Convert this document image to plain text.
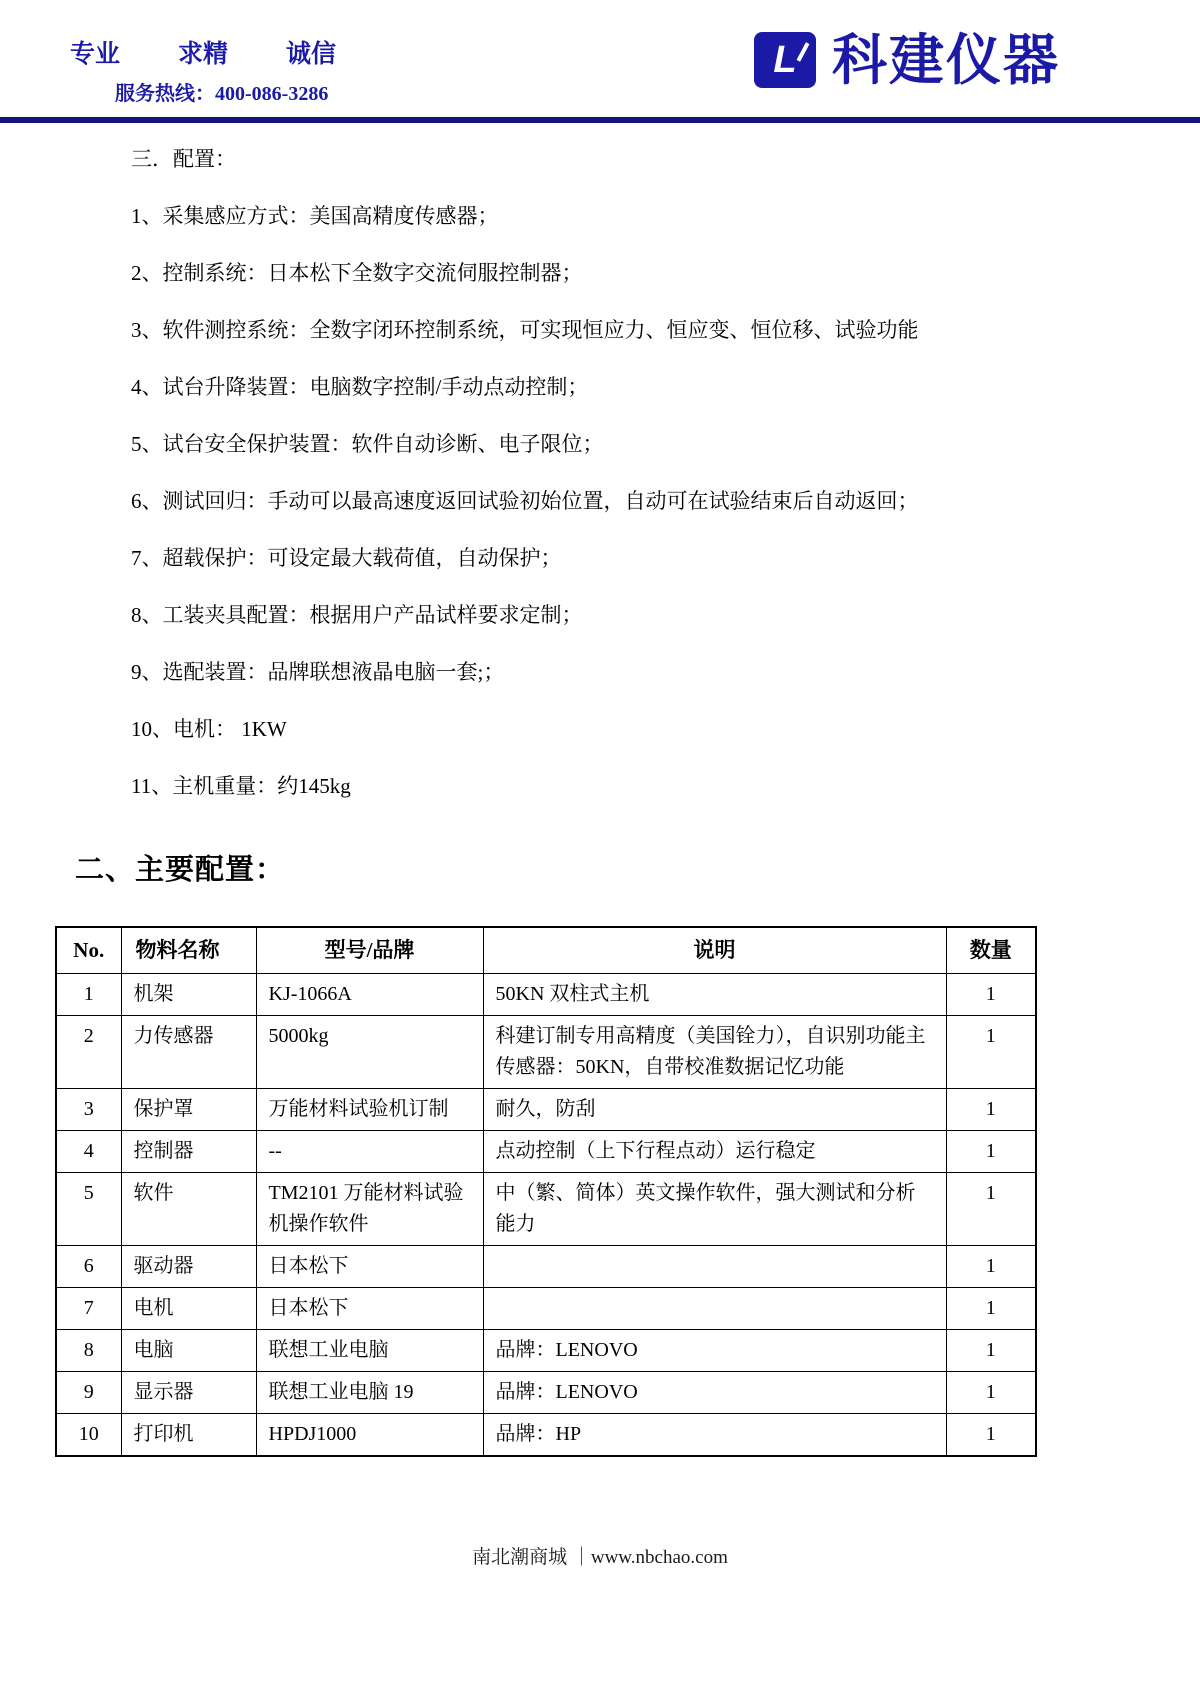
专业 求精 诚信
服务热线：400-086-3286
L 科建仪器

三．配置：

1、采集感应方式：美国高精度传感器；

2、控制系统：日本松下全数字交流伺服控制器；

3、软件测控系统：全数字闭环控制系统，可实现恒应力、恒应变、恒位移、试验功能

4、试台升降装置：电脑数字控制/手动点动控制；

5、试台安全保护装置：软件自动诊断、电子限位；

6、测试回归：手动可以最高速度返回试验初始位置，自动可在试验结束后自动返回；

7、超载保护：可设定最大载荷值，自动保护；

8、工装夹具配置：根据用户产品试样要求定制；

9、选配装置：品牌联想液晶电脑一套;；

10、电机： 1KW

11、主机重量：约145kg

二、主要配置：
No.	物料名称	型号/品牌	说明	数量
1	机架	KJ-1066A	50KN 双柱式主机	1
2	力传感器	5000kg	科建订制专用高精度（美国铨力），自识别功能主传感器：50KN，自带校准数据记忆功能	1
3	保护罩	万能材料试验机订制	耐久，防刮	1
4	控制器	--	点动控制（上下行程点动）运行稳定	1
5	软件	TM2101 万能材料试验机操作软件	中（繁、简体）英文操作软件，强大测试和分析能力	1
6	驱动器	日本松下		1
7	电机	日本松下		1
8	电脑	联想工业电脑	品牌：LENOVO	1
9	显示器	联想工业电脑 19	品牌：LENOVO	1
10	打印机	HPDJ1000	品牌：HP	1
南北潮商城 ｜www.nbchao.com
